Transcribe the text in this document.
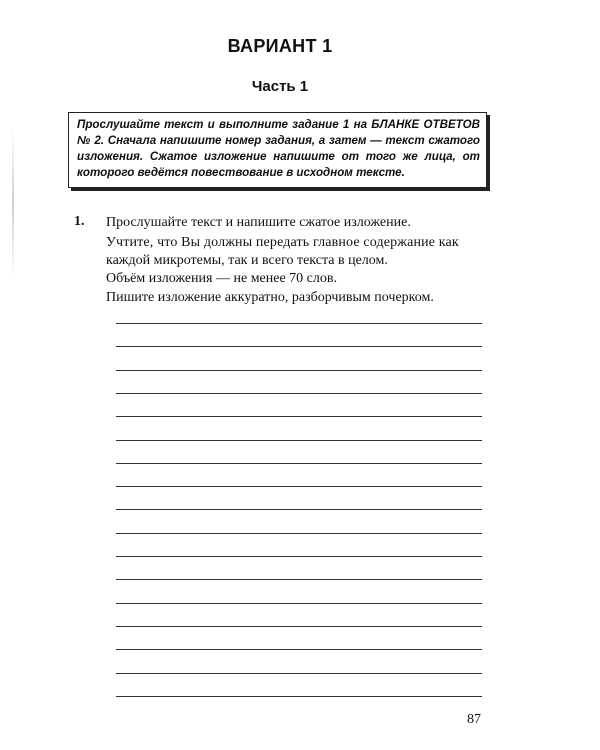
ВАРИАНТ 1
Часть 1
Прослушайте текст и выполните задание 1 на БЛАНКЕ ОТВЕТОВ № 2. Сначала напишите номер задания, а затем — текст сжатого изложения. Сжатое изложение напишите от того же лица, от которого ведётся повествование в исходном тексте.
1. Прослушайте текст и напишите сжатое изложение.
Учтите, что Вы должны передать главное содержание как
каждой микротемы, так и всего текста в целом.
Объём изложения — не менее 70 слов.
Пишите изложение аккуратно, разборчивым почерком.
87
